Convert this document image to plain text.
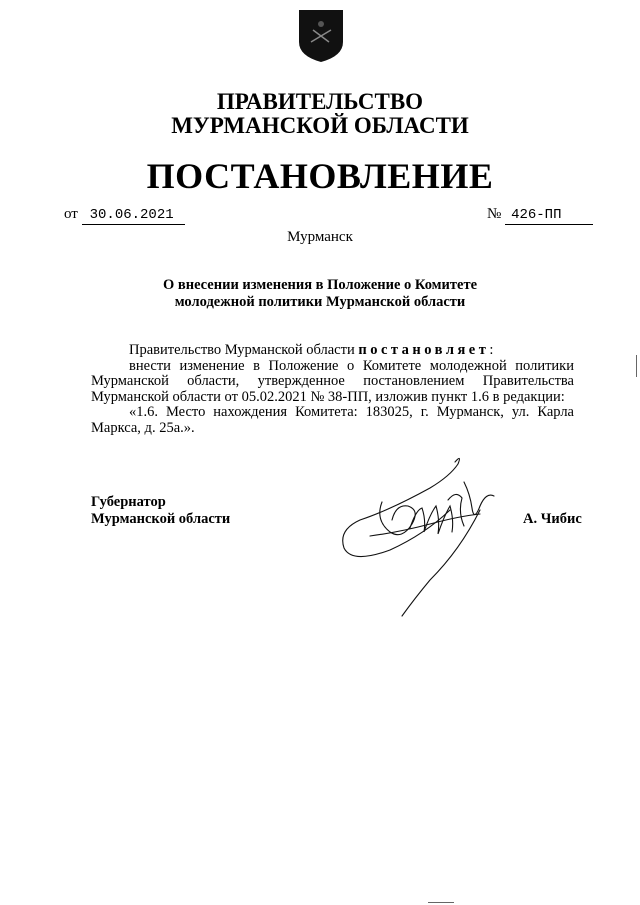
ПРАВИТЕЛЬСТВО
МУРМАНСКОЙ ОБЛАСТИ
ПОСТАНОВЛЕНИЕ
от 30.06.2021	№ 426-ПП
Мурманск
О внесении изменения в Положение о Комитете
молодежной политики Мурманской области

Правительство Мурманской области постановляет:

внести изменение в Положение о Комитете молодежной политики Мурманской области, утвержденное постановлением Правительства Мурманской области от 05.02.2021 № 38-ПП, изложив пункт 1.6 в редакции:

«1.6. Место нахождения Комитета: 183025, г. Мурманск, ул. Карла Маркса, д. 25а.».

Губернатор
Мурманской области	А. Чибис
